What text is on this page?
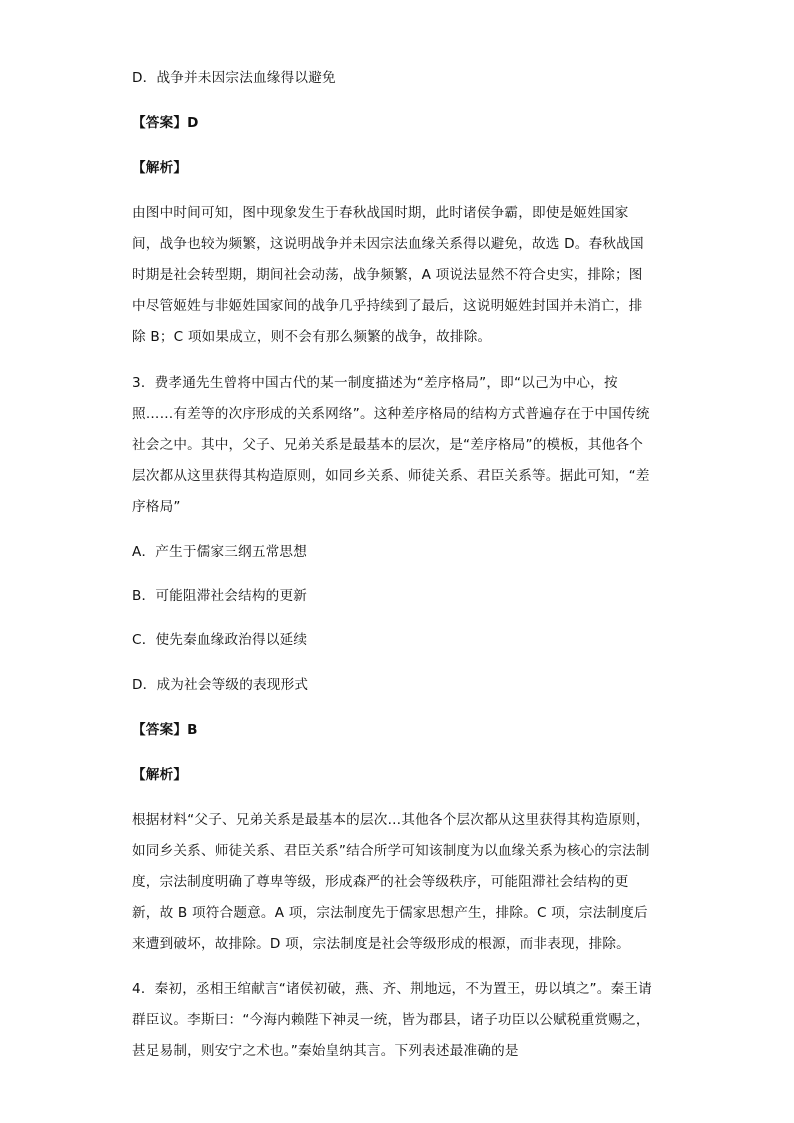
D．战争并未因宗法血缘得以避免
【答案】D
【解析】
由图中时间可知，图中现象发生于春秋战国时期，此时诸侯争霸，即使是姬姓国家
间，战争也较为频繁，这说明战争并未因宗法血缘关系得以避免，故选 D。春秋战国
时期是社会转型期，期间社会动荡，战争频繁，A 项说法显然不符合史实，排除；图
中尽管姬姓与非姬姓国家间的战争几乎持续到了最后，这说明姬姓封国并未消亡，排
除 B；C 项如果成立，则不会有那么频繁的战争，故排除。
3．费孝通先生曾将中国古代的某一制度描述为“差序格局”，即“以己为中心，按
照……有差等的次序形成的关系网络”。这种差序格局的结构方式普遍存在于中国传统
社会之中。其中，父子、兄弟关系是最基本的层次，是“差序格局”的模板，其他各个
层次都从这里获得其构造原则，如同乡关系、师徒关系、君臣关系等。据此可知，“差
序格局”
A．产生于儒家三纲五常思想
B．可能阻滞社会结构的更新
C．使先秦血缘政治得以延续
D．成为社会等级的表现形式
【答案】B
【解析】
根据材料“父子、兄弟关系是最基本的层次…其他各个层次都从这里获得其构造原则，
如同乡关系、师徒关系、君臣关系”结合所学可知该制度为以血缘关系为核心的宗法制
度，宗法制度明确了尊卑等级，形成森严的社会等级秩序，可能阻滞社会结构的更
新，故 B 项符合题意。A 项，宗法制度先于儒家思想产生，排除。C 项，宗法制度后
来遭到破坏，故排除。D 项，宗法制度是社会等级形成的根源，而非表现，排除。
4．秦初，丞相王绾献言“诸侯初破，燕、齐、荆地远，不为置王，毋以填之”。秦王请
群臣议。李斯曰：“今海内赖陛下神灵一统，皆为郡县，诸子功臣以公赋税重赏赐之，
甚足易制，则安宁之术也。”秦始皇纳其言。下列表述最准确的是
